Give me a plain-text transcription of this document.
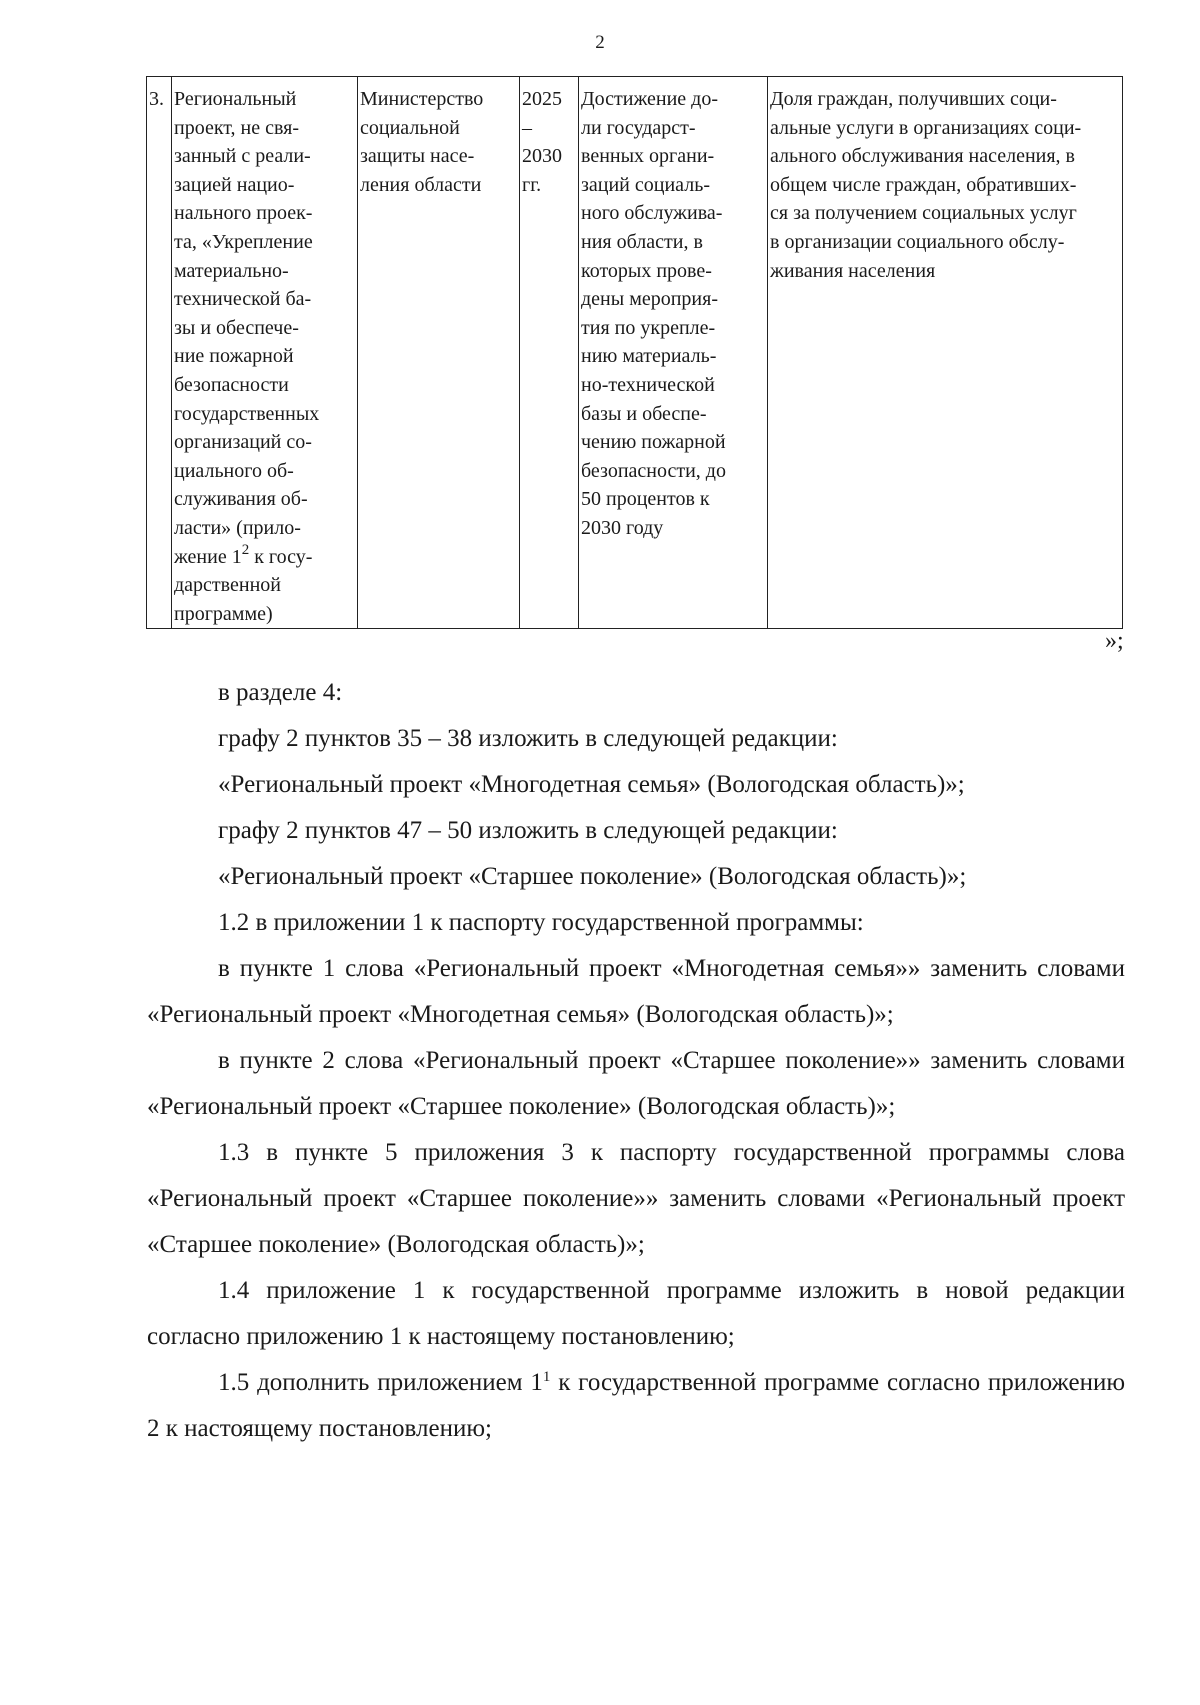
2
3.	Региональный
проект, не свя-
занный с реали-
зацией нацио-
нального проек-
та, «Укрепление
материально-
технической ба-
зы и обеспече-
ние пожарной
безопасности
государственных
организаций со-
циального об-
служивания об-
ласти» (прило-
жение $1^2$ к госу-
дарственной
программе)	Министерство
социальной
защиты насе-
ления области	2025
–
2030
гг.	Достижение до-
ли государст-
венных органи-
заций социаль-
ного обслужива-
ния области, в
которых прове-
дены мероприя-
тия по укрепле-
нию материаль-
но-технической
базы и обеспе-
чению пожарной
безопасности, до
50 процентов к
2030 году	Доля граждан, получивших соци-
альные услуги в организациях соци-
ального обслуживания населения, в
общем числе граждан, обративших-
ся за получением социальных услуг
в организации социального обслу-
живания населения
»;

в разделе 4:

графу 2 пунктов 35 – 38 изложить в следующей редакции:

«Региональный проект «Многодетная семья» (Вологодская область)»;

графу 2 пунктов 47 – 50 изложить в следующей редакции:

«Региональный проект «Старшее поколение» (Вологодская область)»;

1.2 в приложении 1 к паспорту государственной программы:

в пункте 1 слова «Региональный проект «Многодетная семья»» заменить словами «Региональный проект «Многодетная семья» (Вологодская область)»;

в пункте 2 слова «Региональный проект «Старшее поколение»» заменить словами «Региональный проект «Старшее поколение» (Вологодская область)»;

1.3 в пункте 5 приложения 3 к паспорту государственной программы слова «Региональный проект «Старшее поколение»» заменить словами «Региональный проект «Старшее поколение» (Вологодская область)»;

1.4 приложение 1 к государственной программе изложить в новой редакции согласно приложению 1 к настоящему постановлению;

1.5 дополнить приложением $1^1$ к государственной программе согласно приложению 2 к настоящему постановлению;
